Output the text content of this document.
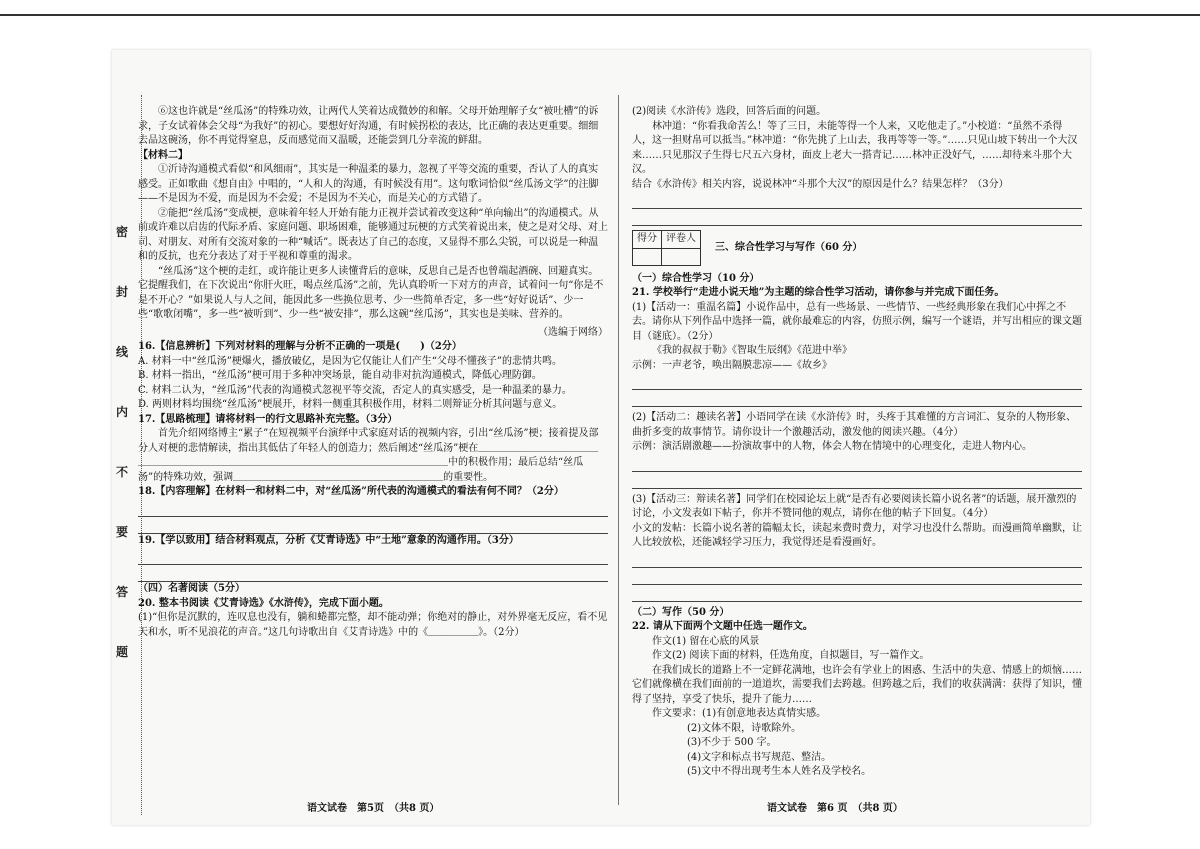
密
封
线
内
不
要
答
题

⑥这也许就是“丝瓜汤”的特殊功效，让两代人笑着达成微妙的和解。父母开始理解子女“被吐槽”的诉求，子女试着体会父母“为我好”的初心。要想好好沟通，有时候拐松的表达，比正确的表达更重要。细细去品这碗汤，你不再觉得窒息，反而感觉而又温暖，还能尝到几分幸流的鲜甜。

【材料二】

①沂诗沟通模式看似“和风细雨”，其实是一种温柔的暴力，忽视了平等交流的重要，否认了人的真实感受。正如歌曲《想自由》中唱的，“人和人的沟通，有时候没有用”。这句歌词恰似“丝瓜汤文学”的注脚——不是因为不爱，而是因为不会爱；不是因为不关心，而是关心的方式错了。

②能把“丝瓜汤”变成梗，意味着年轻人开始有能力正视并尝试着改变这种“单向输出”的沟通模式。从前或许难以启齿的代际矛盾、家庭问题、职场困难，能够通过玩梗的方式笑着说出来，使之是对父母、对上司、对朋友、对所有交流对象的一种“喊话”。既表达了自己的态度，又显得不那么尖锐，可以说是一种温和的反抗，也充分表达了对于平视和尊重的渴求。

“丝瓜汤”这个梗的走红，或许能让更多人读懂背后的意味，反思自己是否也曾端起酒碗、回避真实。它提醒我们，在下次说出“你肝火旺，喝点丝瓜汤”之前，先认真聆听一下对方的声音，试着问一句“你是不是不开心？”如果说人与人之间，能因此多一些换位思考、少一些简单否定，多一些“好好说话”、少一些“歌歌闭嘴”，多一些“被听到”、少一些“被安排”，那么这碗“丝瓜汤”，其实也是美味、营养的。

（选编于网络）

16.【信息辨析】下列对材料的理解与分析不正确的一项是(　　)（2分）

A. 材料一中“丝瓜汤”梗爆火，播放破亿，是因为它仅能让人们产生“父母不懂孩子”的悲情共鸣。

B. 材料一指出，“丝瓜汤”梗可用于多种冲突场景，能自动非对抗沟通模式，降低心理防御。

C. 材料二认为，“丝瓜汤”代表的沟通模式忽视平等交流，否定人的真实感受，是一种温柔的暴力。

D. 两则材料均围绕“丝瓜汤”梗展开，材料一侧重其积极作用，材料二则辩证分析其问题与意义。

17.【思路梳理】请将材料一的行文思路补充完整。（3分）

首先介绍网络博主“累子”在短视频平台演绎中式家庭对话的视频内容，引出“丝瓜汤”梗；接着提及部分人对梗的悲情解读，指出其低估了年轻人的创造力；然后阐述“丝瓜汤”梗在＿＿＿＿＿＿＿＿＿＿＿＿＿＿＿＿＿＿＿＿＿＿＿＿＿＿＿＿＿＿＿＿＿＿＿＿＿＿＿＿＿＿＿中的积极作用；最后总结“丝瓜汤”的特殊功效，强调＿＿＿＿＿＿＿＿＿＿＿＿＿＿＿＿＿＿＿＿＿的重要性。

18.【内容理解】在材料一和材料二中，对“丝瓜汤”所代表的沟通模式的看法有何不同？（2分）

19.【学以致用】结合材料观点，分析《艾青诗选》中“土地”意象的沟通作用。（3分）

（四）名著阅读（5分）

20. 整本书阅读《艾青诗选》《水浒传》，完成下面小题。

(1)“但你是沉默的，连叹息也没有，躺和蜷都完整，却不能动弹；你绝对的静止，对外界毫无反应，看不见天和水，听不见浪花的声音。”这几句诗歌出自《艾青诗选》中的《＿＿＿＿＿》。（2分）

语文试卷　第5页　（共8 页）

(2)阅读《水浒传》选段，回答后面的问题。

林冲道：“你看我命苦么！等了三日，未能等得一个人来，又吃他走了。”小校道：“虽然不杀得人，这一担财帛可以抵当。”林冲道：“你先挑了上山去，我再等等一等。”……只见山坡下转出一个大汉来……只见那汉子生得七尺五六身材，面皮上老大一搭青记……林冲正没好气，……却待来斗那个大汉。

结合《水浒传》相关内容，说说林冲“斗那个大汉”的原因是什么？结果怎样？（3分）

得分	评卷人

三、综合性学习与写作（60 分）

（一）综合性学习（10 分）

21. 学校举行“走进小说天地”为主题的综合性学习活动，请你参与并完成下面任务。

(1)【活动一：重温名篇】小说作品中，总有一些场景、一些情节、一些经典形象在我们心中挥之不去。请你从下列作品中选择一篇，就你最难忘的内容，仿照示例，编写一个谜语，并写出相应的课文题目（谜底）。（2分）

《我的叔叔于勒》《智取生辰纲》《范进中举》

示例：一声老爷，唤出隔膜悲凉——《故乡》

(2)【活动二：趣读名著】小语同学在读《水浒传》时，头疼于其难懂的方言词汇、复杂的人物形象、曲折多变的故事情节。请你设计一个激趣活动，激发他的阅读兴趣。（4分）

示例：演活剧激趣——扮演故事中的人物，体会人物在情境中的心理变化，走进人物内心。

(3)【活动三：辩读名著】同学们在校园论坛上就“是否有必要阅读长篇小说名著”的话题，展开激烈的讨论，小文发表如下帖子，你并不赞同他的观点，请你在他的帖子下回复。（4分）

小文的发帖：长篇小说名著的篇幅太长，读起来费时费力，对学习也没什么帮助。而漫画简单幽默，让人比较放松，还能减轻学习压力，我觉得还是看漫画好。

（二）写作（50 分）

22. 请从下面两个文题中任选一题作文。

作文(1) 留在心底的风景

作文(2) 阅读下面的材料，任选角度，自拟题目，写一篇作文。

在我们成长的道路上不一定鲜花满地，也许会有学业上的困惑、生活中的失意、情感上的烦恼……它们就像横在我们面前的一道道坎，需要我们去跨越。但跨越之后，我们的收获满满：获得了知识，懂得了坚持，享受了快乐，提升了能力……

作文要求：(1)有创意地表达真情实感。

(2)文体不限，诗歌除外。

(3)不少于 500 字。

(4)文字和标点书写规范、整洁。

(5)文中不得出现考生本人姓名及学校名。

语文试卷　第6 页　（共8 页）
